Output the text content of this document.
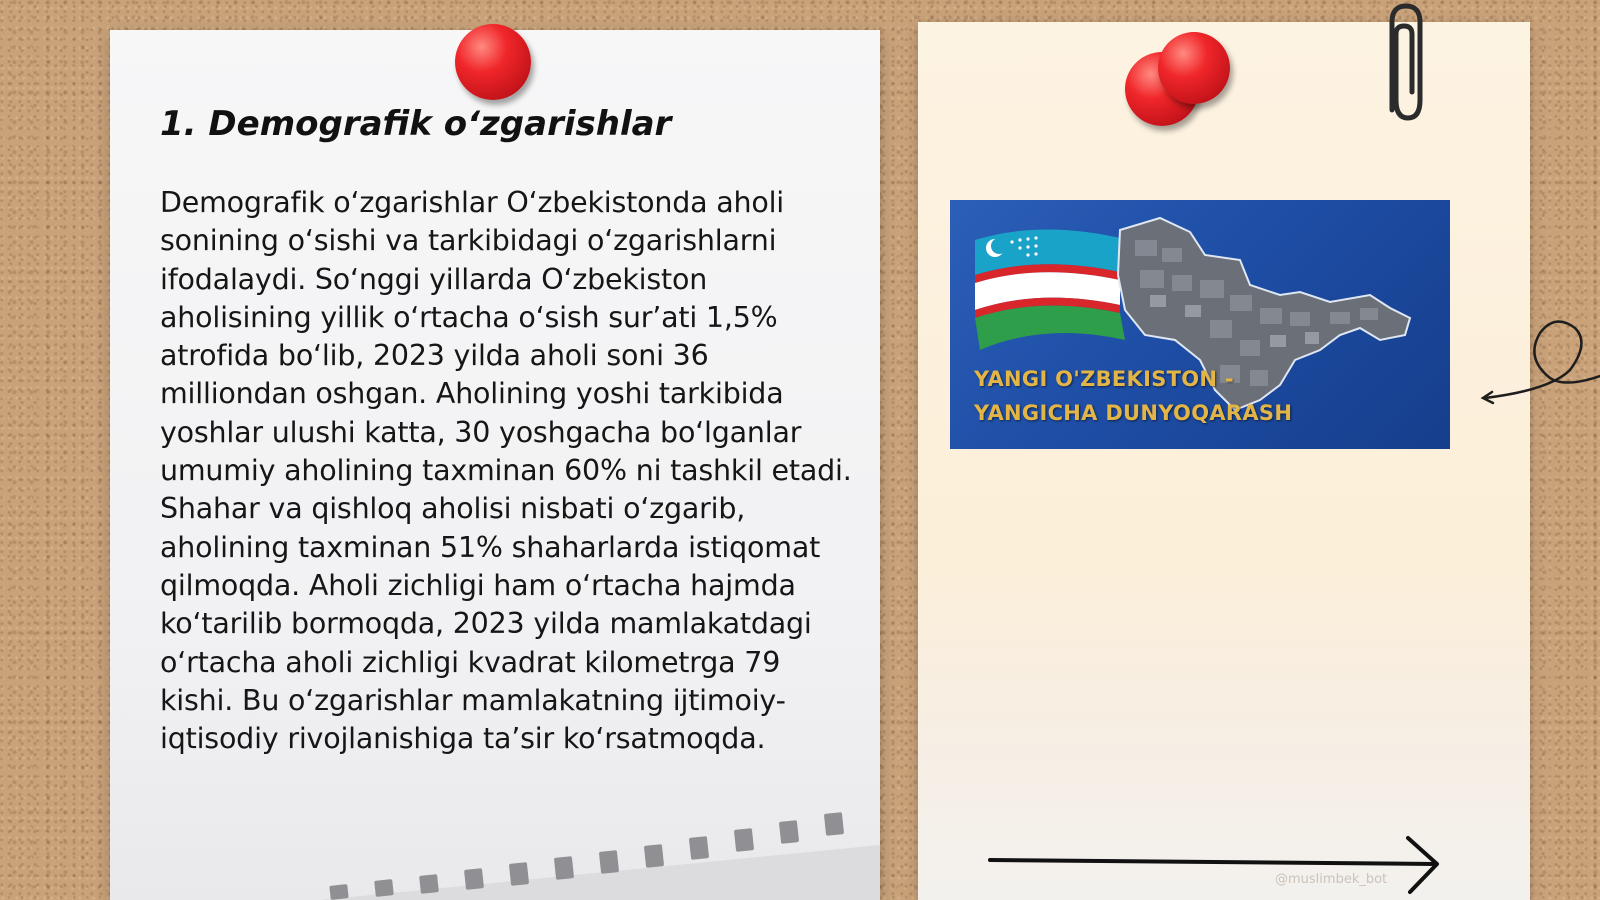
1. Demografik o‘zgarishlar

Demografik o‘zgarishlar O‘zbekistonda aholi sonining o‘sishi va tarkibidagi o‘zgarishlarni ifodalaydi. So‘nggi yillarda O‘zbekiston aholisining yillik o‘rtacha o‘sish sur’ati 1,5% atrofida bo‘lib, 2023 yilda aholi soni 36 milliondan oshgan. Aholining yoshi tarkibida yoshlar ulushi katta, 30 yoshgacha bo‘lganlar umumiy aholining taxminan 60% ni tashkil etadi. Shahar va qishloq aholisi nisbati o‘zgarib, aholining taxminan 51% shaharlarda istiqomat qilmoqda. Aholi zichligi ham o‘rtacha hajmda ko‘tarilib bormoqda, 2023 yilda mamlakatdagi o‘rtacha aholi zichligi kvadrat kilometrga 79 kishi. Bu o‘zgarishlar mamlakatning ijtimoiy-iqtisodiy rivojlanishiga ta’sir ko‘rsatmoqda.

YANGI O'ZBEKISTON -
YANGICHA DUNYOQARASH

@muslimbek_bot
